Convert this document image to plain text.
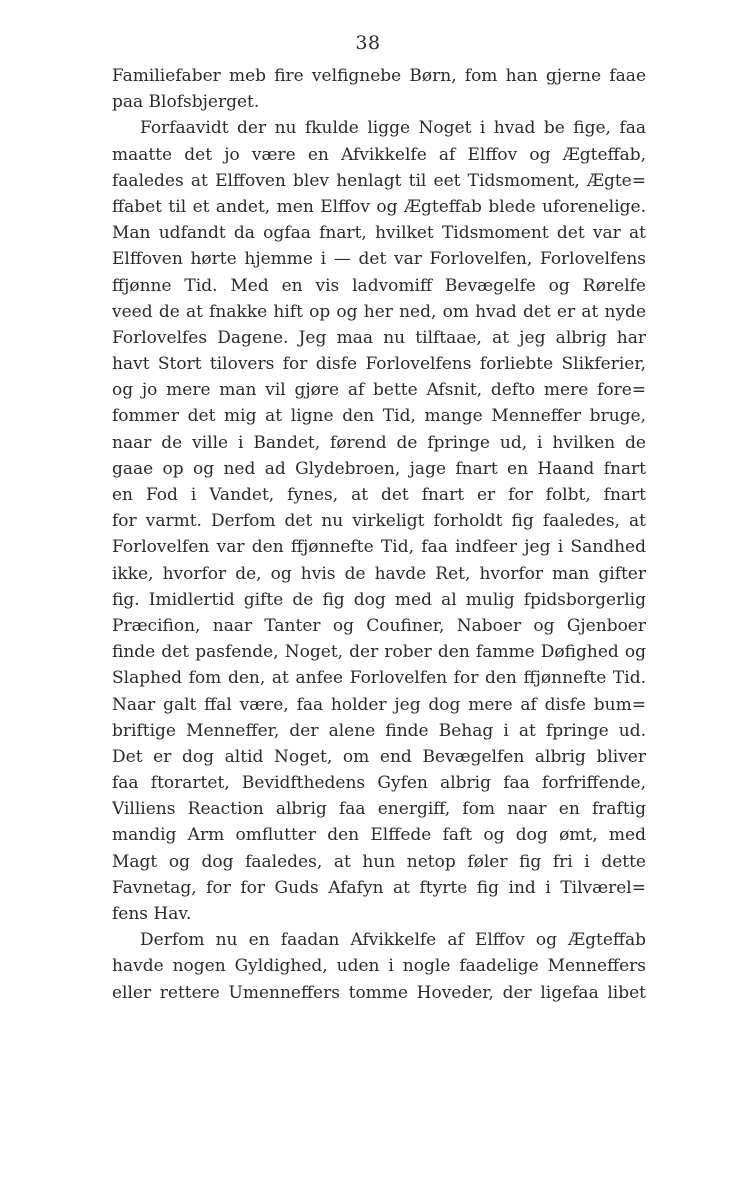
38
Familiefaber meb fire velfignebe Børn, fom han gjerne faae
paa Blofsbjerget.
Forfaavidt der nu fkulde ligge Noget i hvad be fige, faa
maatte det jo være en Afvikkelfe af Elffov og Ægteffab,
faaledes at Elffoven blev henlagt til eet Tidsmoment, Ægte=
ffabet til et andet, men Elffov og Ægteffab blede uforenelige.
Man udfandt da ogfaa fnart, hvilket Tidsmoment det var at
Elffoven hørte hjemme i — det var Forlovelfen, Forlovelfens
ffjønne Tid. Med en vis ladvomiff Bevægelfe og Rørelfe
veed de at fnakke hift op og her ned, om hvad det er at nyde
Forlovelfes Dagene. Jeg maa nu tilftaae, at jeg albrig har
havt Stort tilovers for disfe Forlovelfens forliebte Slikferier,
og jo mere man vil gjøre af bette Afsnit, defto mere fore=
fommer det mig at ligne den Tid, mange Menneffer bruge,
naar de ville i Bandet, førend de fpringe ud, i hvilken de
gaae op og ned ad Glydebroen, jage fnart en Haand fnart
en Fod i Vandet, fynes, at det fnart er for folbt, fnart
for varmt. Derfom det nu virkeligt forholdt fig faaledes, at
Forlovelfen var den ffjønnefte Tid, faa indfeer jeg i Sandhed
ikke, hvorfor de, og hvis de havde Ret, hvorfor man gifter
fig. Imidlertid gifte de fig dog med al mulig fpidsborgerlig
Præcifion, naar Tanter og Coufiner, Naboer og Gjenboer
finde det pasfende, Noget, der rober den famme Døfighed og
Slaphed fom den, at anfee Forlovelfen for den ffjønnefte Tid.
Naar galt ffal være, faa holder jeg dog mere af disfe bum=
briftige Menneffer, der alene finde Behag i at fpringe ud.
Det er dog altid Noget, om end Bevægelfen albrig bliver
faa ftorartet, Bevidfthedens Gyfen albrig faa forfriffende,
Villiens Reaction albrig faa energiff, fom naar en fraftig
mandig Arm omflutter den Elffede faft og dog ømt, med
Magt og dog faaledes, at hun netop føler fig fri i dette
Favnetag, for for Guds Afafyn at ftyrte fig ind i Tilværel=
fens Hav.
Derfom nu en faadan Afvikkelfe af Elffov og Ægteffab
havde nogen Gyldighed, uden i nogle faadelige Menneffers
eller rettere Umenneffers tomme Hoveder, der ligefaa libet
